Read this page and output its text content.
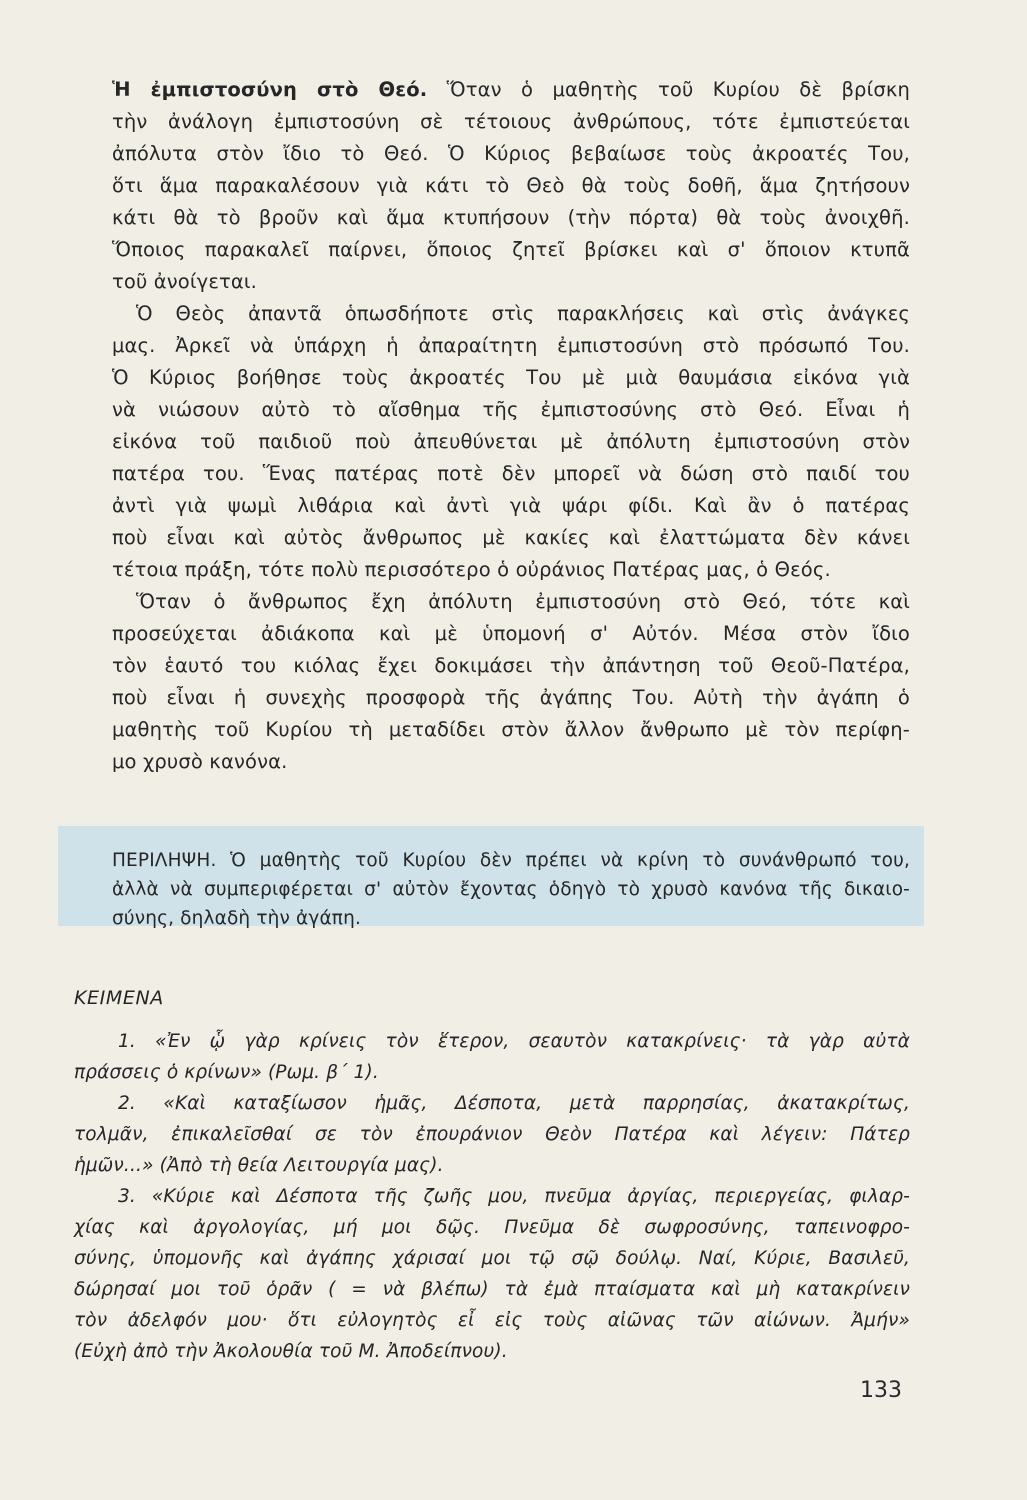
Ἡ ἐμπιστοσύνη στὸ Θεό. Ὅταν ὁ μαθητὴς τοῦ Κυρίου δὲ βρίσκη
τὴν ἀνάλογη ἐμπιστοσύνη σὲ τέτοιους ἀνθρώπους, τότε ἐμπιστεύεται
ἀπόλυτα στὸν ἴδιο τὸ Θεό. Ὁ Κύριος βεβαίωσε τοὺς ἀκροατές Του,
ὅτι ἅμα παρακαλέσουν γιὰ κάτι τὸ Θεὸ θὰ τοὺς δοθῆ, ἅμα ζητήσουν
κάτι θὰ τὸ βροῦν καὶ ἅμα κτυπήσουν (τὴν πόρτα) θὰ τοὺς ἀνοιχθῆ.
Ὅποιος παρακαλεῖ παίρνει, ὅποιος ζητεῖ βρίσκει καὶ σ' ὅποιον κτυπᾶ
τοῦ ἀνοίγεται.
Ὁ Θεὸς ἀπαντᾶ ὁπωσδήποτε στὶς παρακλήσεις καὶ στὶς ἀνάγκες
μας. Ἀρκεῖ νὰ ὑπάρχη ἡ ἀπαραίτητη ἐμπιστοσύνη στὸ πρόσωπό Του.
Ὁ Κύριος βοήθησε τοὺς ἀκροατές Του μὲ μιὰ θαυμάσια εἰκόνα γιὰ
νὰ νιώσουν αὐτὸ τὸ αἴσθημα τῆς ἐμπιστοσύνης στὸ Θεό. Εἶναι ἡ
εἰκόνα τοῦ παιδιοῦ ποὺ ἀπευθύνεται μὲ ἀπόλυτη ἐμπιστοσύνη στὸν
πατέρα του. Ἕνας πατέρας ποτὲ δὲν μπορεῖ νὰ δώση στὸ παιδί του
ἀντὶ γιὰ ψωμὶ λιθάρια καὶ ἀντὶ γιὰ ψάρι φίδι. Καὶ ἂν ὁ πατέρας
ποὺ εἶναι καὶ αὐτὸς ἄνθρωπος μὲ κακίες καὶ ἐλαττώματα δὲν κάνει
τέτοια πράξη, τότε πολὺ περισσότερο ὁ οὐράνιος Πατέρας μας, ὁ Θεός.
Ὅταν ὁ ἄνθρωπος ἔχη ἀπόλυτη ἐμπιστοσύνη στὸ Θεό, τότε καὶ
προσεύχεται ἀδιάκοπα καὶ μὲ ὑπομονή σ' Αὐτόν. Μέσα στὸν ἴδιο
τὸν ἑαυτό του κιόλας ἔχει δοκιμάσει τὴν ἀπάντηση τοῦ Θεοῦ-Πατέρα,
ποὺ εἶναι ἡ συνεχὴς προσφορὰ τῆς ἀγάπης Του. Αὐτὴ τὴν ἀγάπη ὁ
μαθητὴς τοῦ Κυρίου τὴ μεταδίδει στὸν ἄλλον ἄνθρωπο μὲ τὸν περίφη-
μο χρυσὸ κανόνα.
ΠΕΡΙΛΗΨΗ. Ὁ μαθητὴς τοῦ Κυρίου δὲν πρέπει νὰ κρίνη τὸ συνάνθρωπό του,
ἀλλὰ νὰ συμπεριφέρεται σ' αὐτὸν ἔχοντας ὁδηγὸ τὸ χρυσὸ κανόνα τῆς δικαιο-
σύνης, δηλαδὴ τὴν ἀγάπη.
ΚΕΙΜΕΝΑ
1. «Ἐν ᾧ γὰρ κρίνεις τὸν ἕτερον, σεαυτὸν κατακρίνεις· τὰ γὰρ αὐτὰ
πράσσεις ὁ κρίνων» (Ρωμ. β΄ 1).
2. «Καὶ καταξίωσον ἡμᾶς, Δέσποτα, μετὰ παρρησίας, ἀκατακρίτως,
τολμᾶν, ἐπικαλεῖσθαί σε τὸν ἐπουράνιον Θεὸν Πατέρα καὶ λέγειν: Πάτερ
ἡμῶν...» (Ἀπὸ τὴ θεία Λειτουργία μας).
3. «Κύριε καὶ Δέσποτα τῆς ζωῆς μου, πνεῦμα ἀργίας, περιεργείας, φιλαρ-
χίας καὶ ἀργολογίας, μή μοι δῷς. Πνεῦμα δὲ σωφροσύνης, ταπεινοφρο-
σύνης, ὑπομονῆς καὶ ἀγάπης χάρισαί μοι τῷ σῷ δούλῳ. Ναί, Κύριε, Βασιλεῦ,
δώρησαί μοι τοῦ ὁρᾶν ( = νὰ βλέπω) τὰ ἐμὰ πταίσματα καὶ μὴ κατακρίνειν
τὸν ἀδελφόν μου· ὅτι εὐλογητὸς εἶ εἰς τοὺς αἰῶνας τῶν αἰώνων. Ἀμήν»
(Εὐχὴ ἀπὸ τὴν Ἀκολουθία τοῦ Μ. Ἀποδείπνου).
133
